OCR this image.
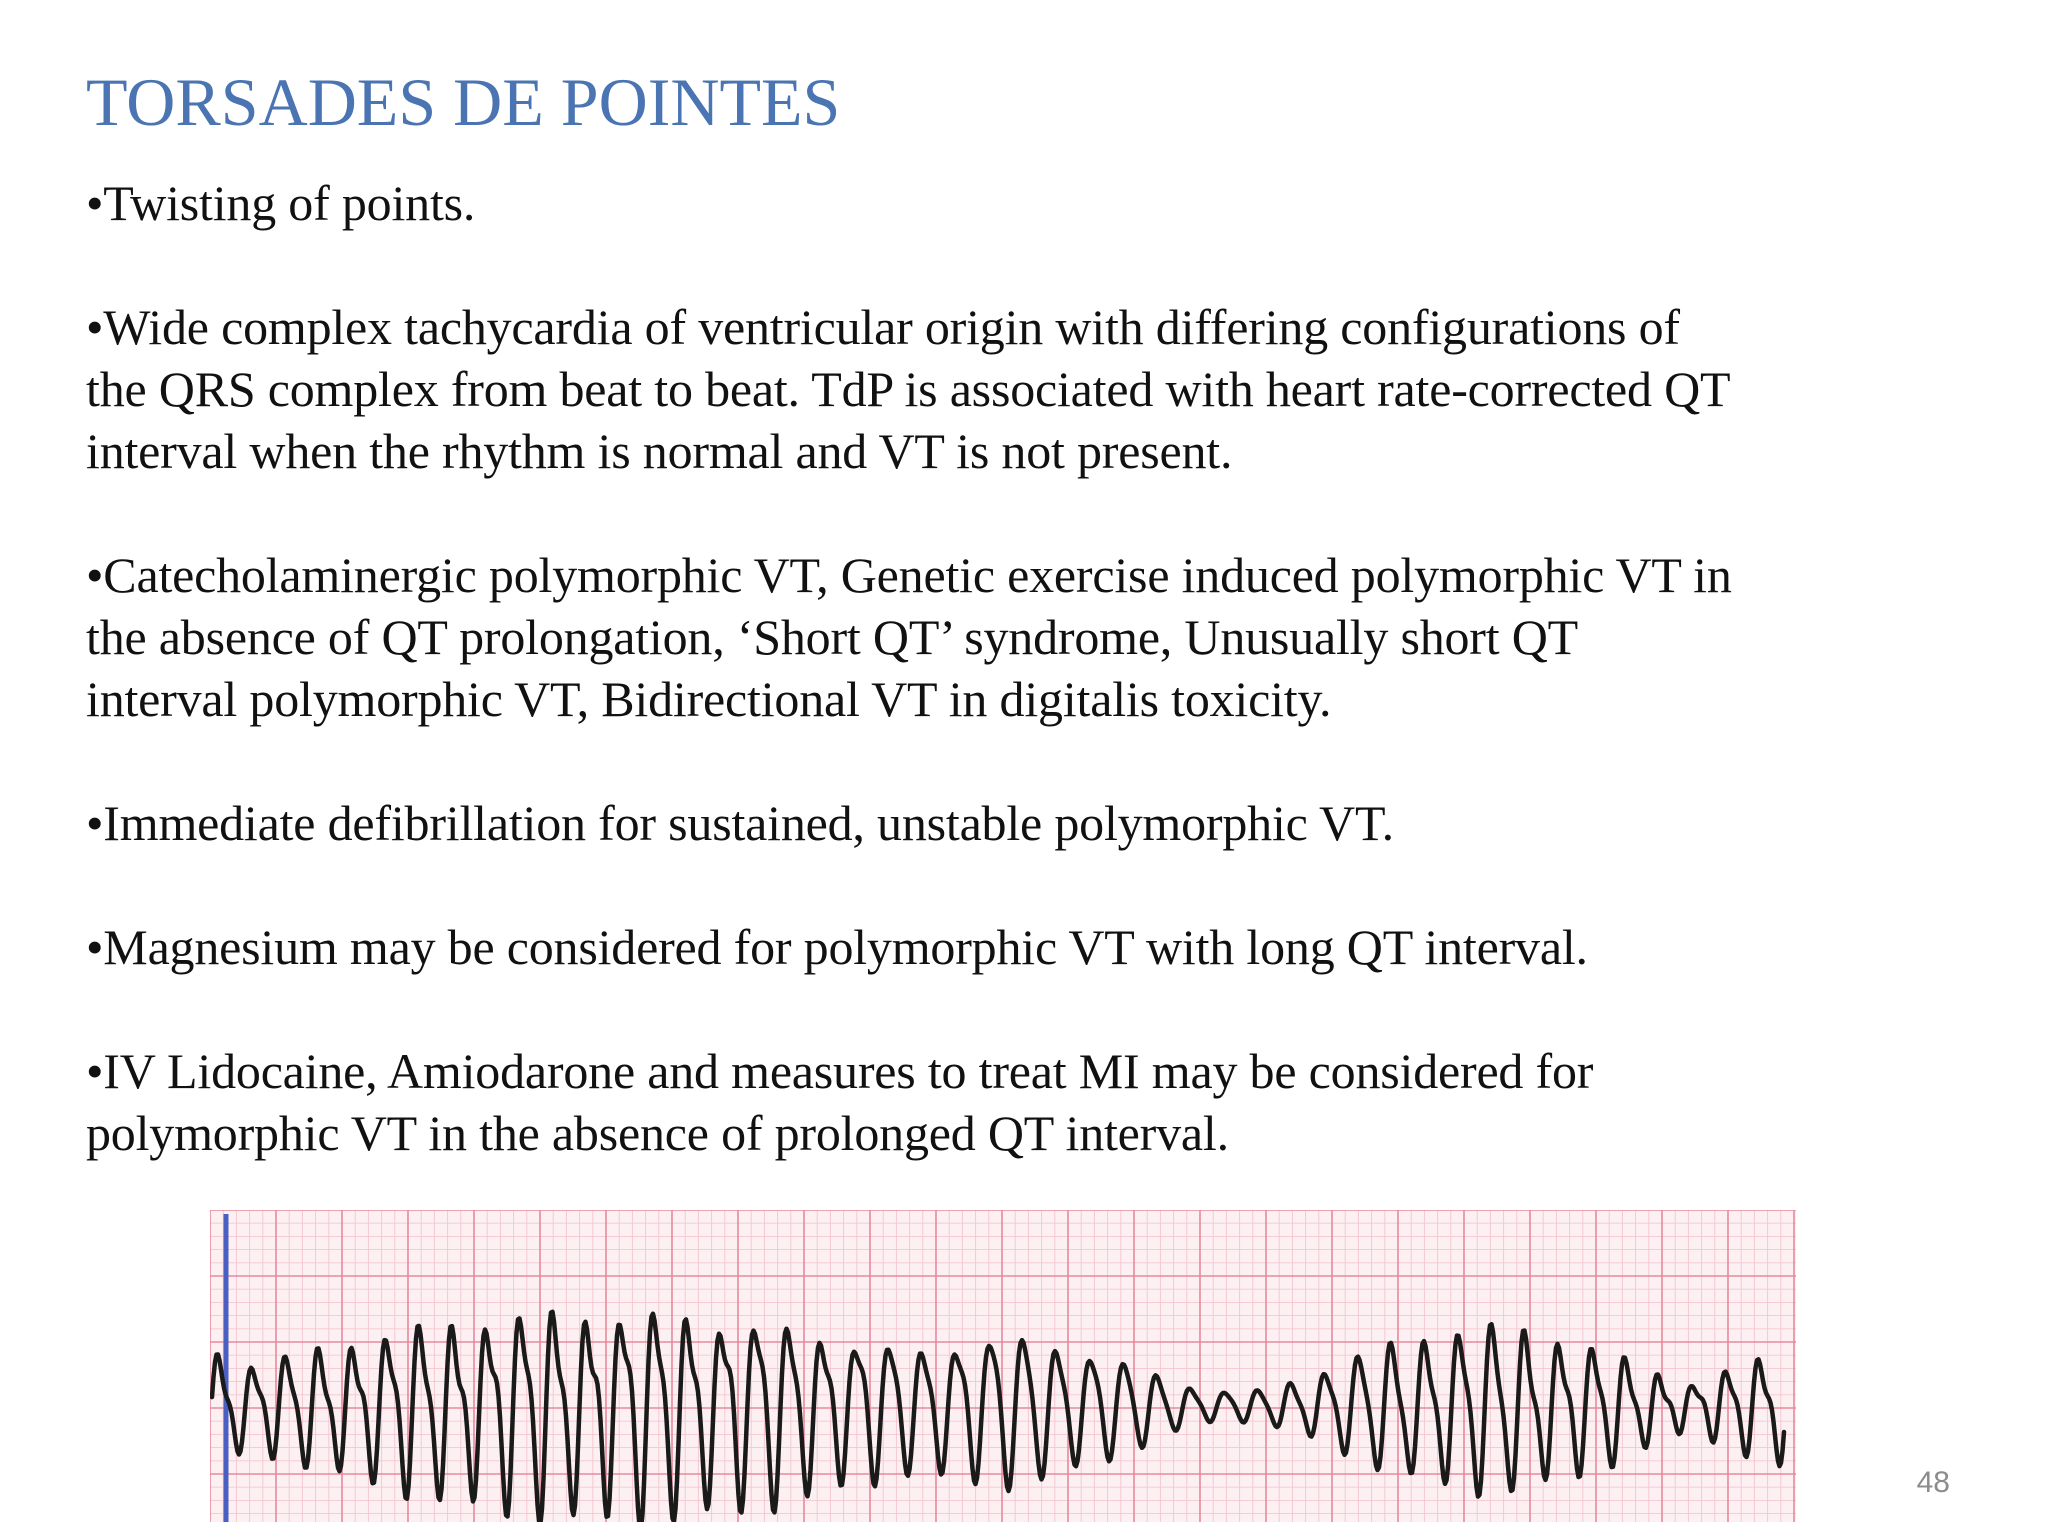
TORSADES DE POINTES
•Twisting of points.
•Wide complex tachycardia of ventricular origin with differing configurations of
the QRS complex from beat to beat. TdP is associated with heart rate-corrected QT
interval when the rhythm is normal and VT is not present.
•Catecholaminergic polymorphic VT, Genetic exercise induced polymorphic VT in
the absence of QT prolongation, ‘Short QT’ syndrome, Unusually short QT
interval polymorphic VT, Bidirectional VT in digitalis toxicity.
•Immediate defibrillation for sustained, unstable polymorphic VT.
•Magnesium may be considered for polymorphic VT with long QT interval.
•IV Lidocaine, Amiodarone and measures to treat MI may be considered for
polymorphic VT in the absence of prolonged QT interval.
48
